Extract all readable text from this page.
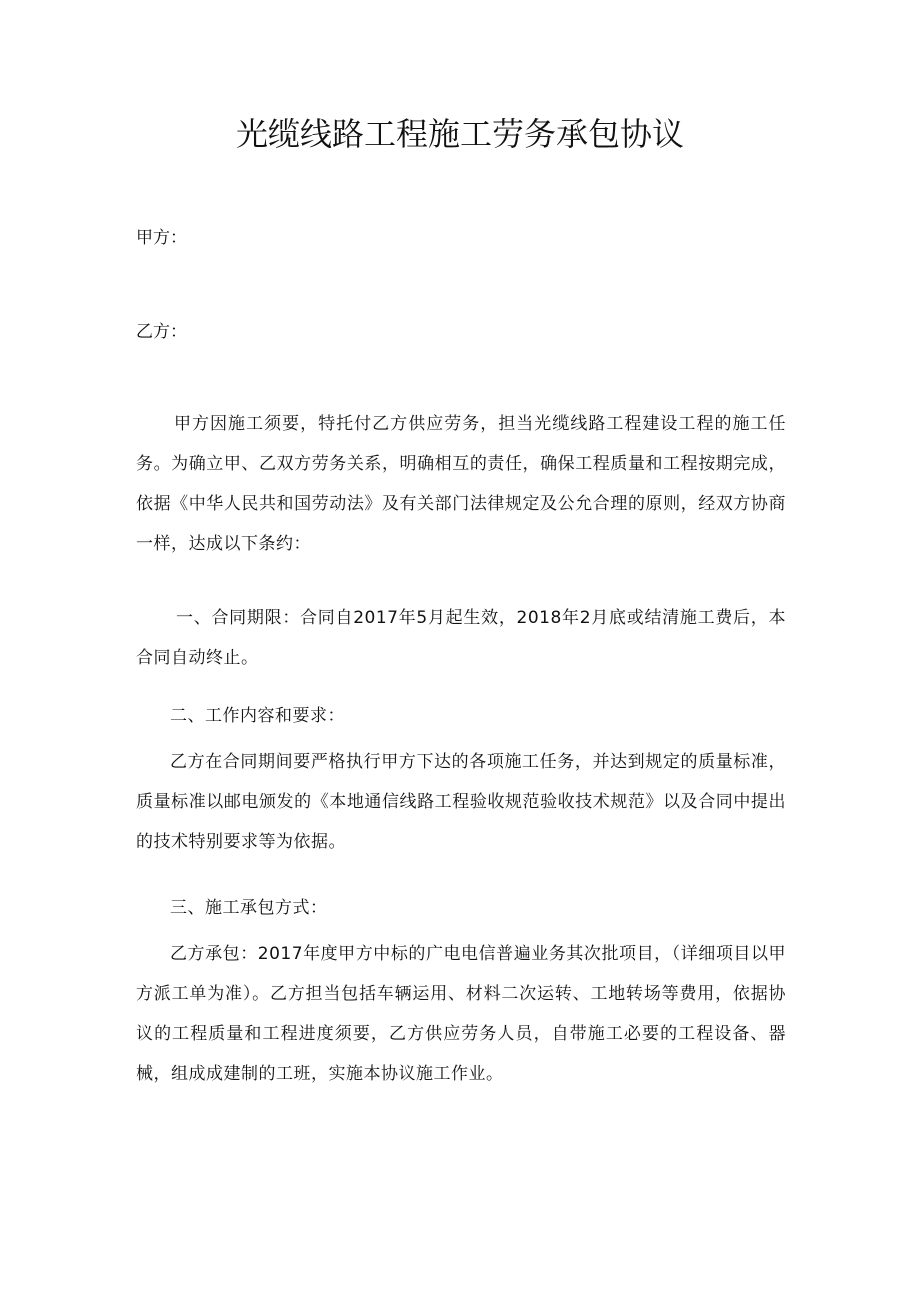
光缆线路工程施工劳务承包协议
甲方：
乙方：
甲方因施工须要，特托付乙方供应劳务，担当光缆线路工程建设工程的施工任务。为确立甲、乙双方劳务关系，明确相互的责任，确保工程质量和工程按期完成，依据《中华人民共和国劳动法》及有关部门法律规定及公允合理的原则，经双方协商一样，达成以下条约：
一、合同期限：合同自2017年5月起生效，2018年2月底或结清施工费后，本合同自动终止。
二、工作内容和要求：
乙方在合同期间要严格执行甲方下达的各项施工任务，并达到规定的质量标准，质量标准以邮电颁发的《本地通信线路工程验收规范验收技术规范》以及合同中提出的技术特别要求等为依据。
三、施工承包方式：
乙方承包：2017年度甲方中标的广电电信普遍业务其次批项目，（详细项目以甲方派工单为准）。乙方担当包括车辆运用、材料二次运转、工地转场等费用，依据协议的工程质量和工程进度须要，乙方供应劳务人员，自带施工必要的工程设备、器械，组成成建制的工班，实施本协议施工作业。
